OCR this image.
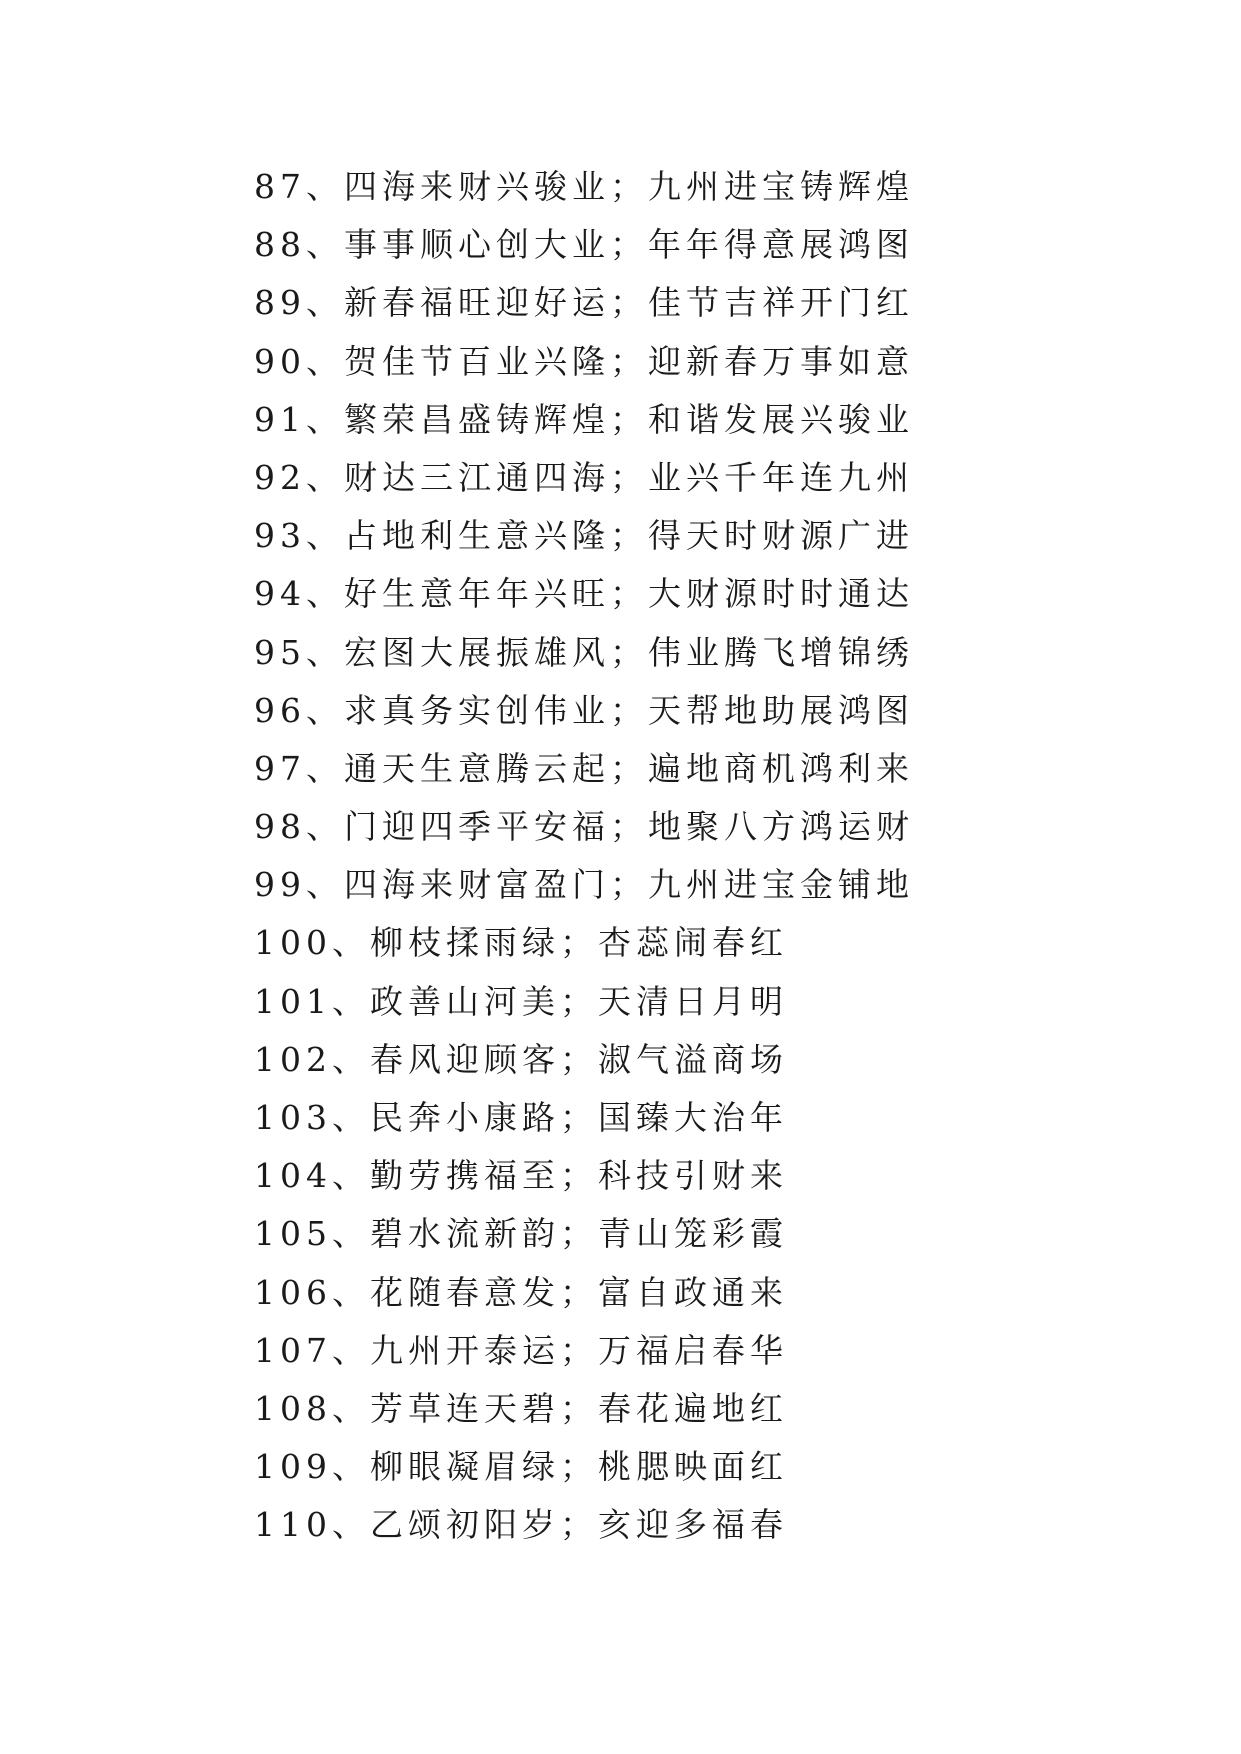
87、四海来财兴骏业；九州进宝铸辉煌
88、事事顺心创大业；年年得意展鸿图
89、新春福旺迎好运；佳节吉祥开门红
90、贺佳节百业兴隆；迎新春万事如意
91、繁荣昌盛铸辉煌；和谐发展兴骏业
92、财达三江通四海；业兴千年连九州
93、占地利生意兴隆；得天时财源广进
94、好生意年年兴旺；大财源时时通达
95、宏图大展振雄风；伟业腾飞增锦绣
96、求真务实创伟业；天帮地助展鸿图
97、通天生意腾云起；遍地商机鸿利来
98、门迎四季平安福；地聚八方鸿运财
99、四海来财富盈门；九州进宝金铺地
100、柳枝揉雨绿；杏蕊闹春红
101、政善山河美；天清日月明
102、春风迎顾客；淑气溢商场
103、民奔小康路；国臻大治年
104、勤劳携福至；科技引财来
105、碧水流新韵；青山笼彩霞
106、花随春意发；富自政通来
107、九州开泰运；万福启春华
108、芳草连天碧；春花遍地红
109、柳眼凝眉绿；桃腮映面红
110、乙颂初阳岁；亥迎多福春
